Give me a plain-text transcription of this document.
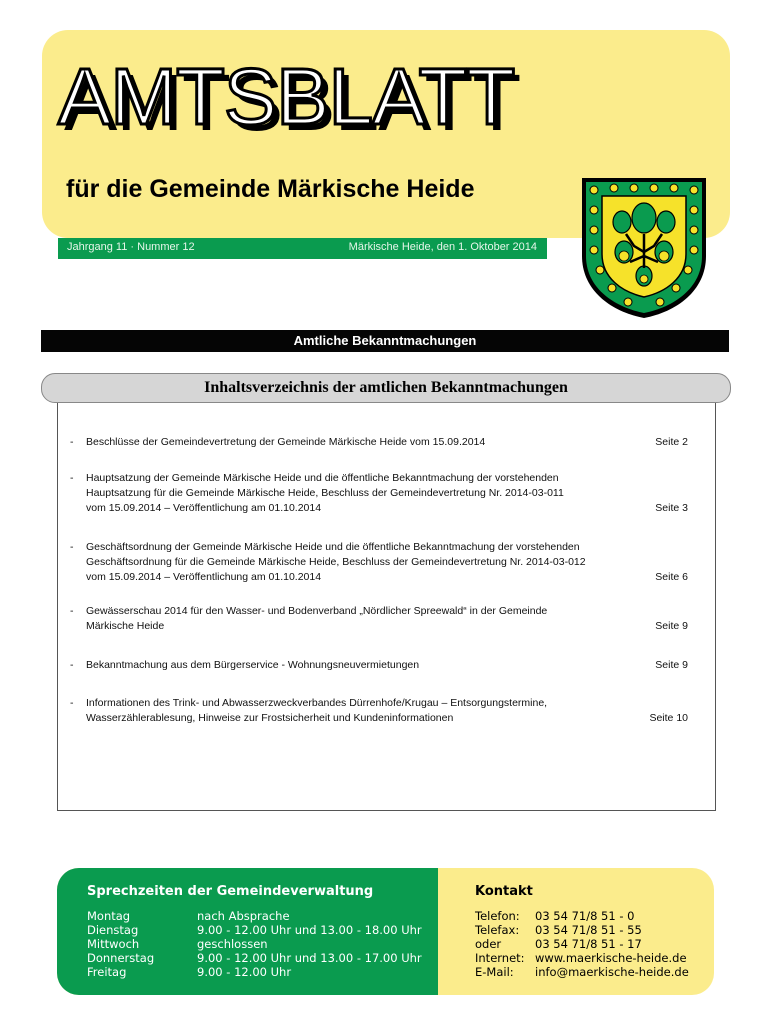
AMTSBLATT
für die Gemeinde Märkische Heide
Jahrgang 11 · Nummer 12	Märkische Heide, den 1. Oktober 2014
Amtliche Bekanntmachungen
Inhaltsverzeichnis der amtlichen Bekanntmachungen
- Beschlüsse der Gemeindevertretung der Gemeinde Märkische Heide vom 15.09.2014	Seite 2
- Hauptsatzung der Gemeinde Märkische Heide und die öffentliche Bekanntmachung der vorstehenden
Hauptsatzung für die Gemeinde Märkische Heide, Beschluss der Gemeindevertretung Nr. 2014-03-011
vom 15.09.2014 – Veröffentlichung am 01.10.2014	Seite 3
- Geschäftsordnung der Gemeinde Märkische Heide und die öffentliche Bekanntmachung der vorstehenden
Geschäftsordnung für die Gemeinde Märkische Heide, Beschluss der Gemeindevertretung Nr. 2014-03-012
vom 15.09.2014 – Veröffentlichung am 01.10.2014	Seite 6
- Gewässerschau 2014 für den Wasser- und Bodenverband „Nördlicher Spreewald“ in der Gemeinde
Märkische Heide	Seite 9
- Bekanntmachung aus dem Bürgerservice - Wohnungsneuvermietungen	Seite 9
- Informationen des Trink- und Abwasserzweckverbandes Dürrenhofe/Krugau – Entsorgungstermine,
Wasserzählerablesung, Hinweise zur Frostsicherheit und Kundeninformationen	Seite 10
Sprechzeiten der Gemeindeverwaltung
Montag	nach Absprache
Dienstag	9.00 - 12.00 Uhr und 13.00 - 18.00 Uhr
Mittwoch	geschlossen
Donnerstag	9.00 - 12.00 Uhr und 13.00 - 17.00 Uhr
Freitag	9.00 - 12.00 Uhr
Kontakt
Telefon: 03 54 71/8 51 - 0
Telefax: 03 54 71/8 51 - 55
oder	03 54 71/8 51 - 17
Internet: www.maerkische-heide.de
E-Mail: info@maerkische-heide.de
